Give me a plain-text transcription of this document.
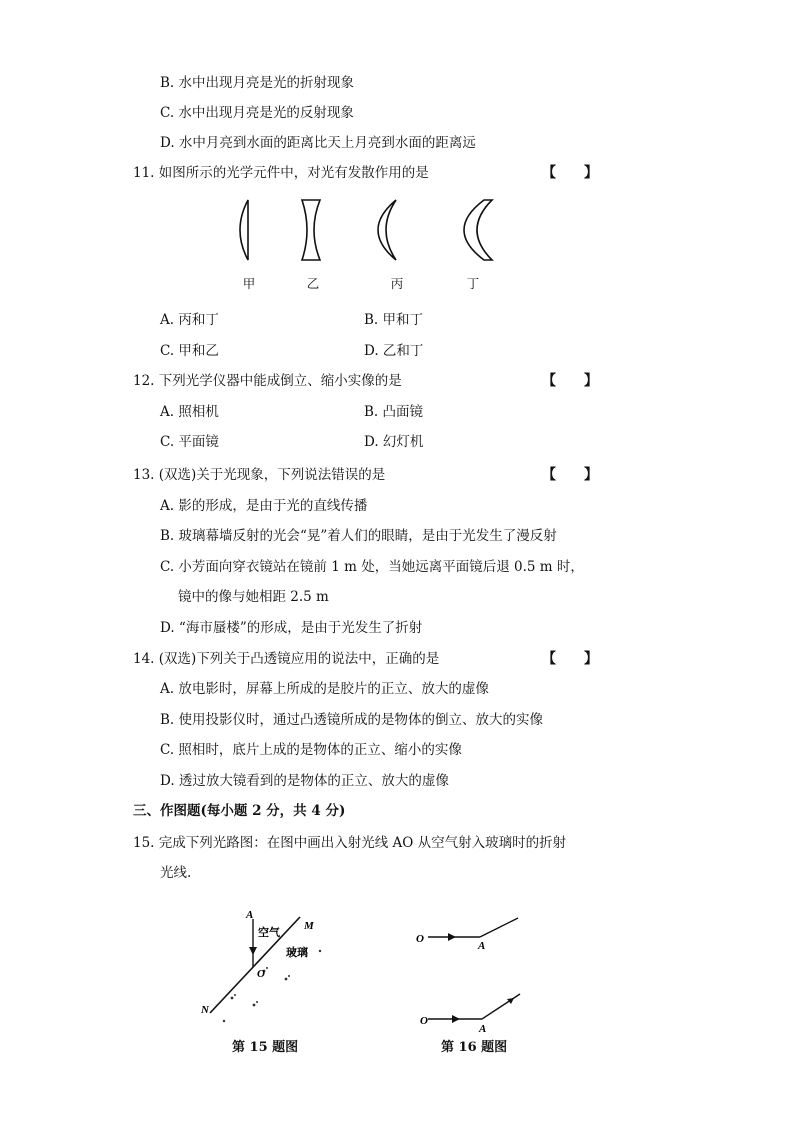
B. 水中出现月亮是光的折射现象
C. 水中出现月亮是光的反射现象
D. 水中月亮到水面的距离比天上月亮到水面的距离远
11. 如图所示的光学元件中，对光有发散作用的是	【　　】
甲	乙	丙	丁
A. 丙和丁	B. 甲和丁
C. 甲和乙	D. 乙和丁
12. 下列光学仪器中能成倒立、缩小实像的是	【　　】
A. 照相机	B. 凸面镜
C. 平面镜	D. 幻灯机
13. (双选)关于光现象，下列说法错误的是	【　　】
A. 影的形成，是由于光的直线传播
B. 玻璃幕墙反射的光会“晃”着人们的眼睛，是由于光发生了漫反射
C. 小芳面向穿衣镜站在镜前 1 m 处，当她远离平面镜后退 0.5 m 时，
镜中的像与她相距 2.5 m
D. “海市蜃楼”的形成，是由于光发生了折射
14. (双选)下列关于凸透镜应用的说法中，正确的是	【　　】
A. 放电影时，屏幕上所成的是胶片的正立、放大的虚像
B. 使用投影仪时，通过凸透镜所成的是物体的倒立、放大的实像
C. 照相时，底片上成的是物体的正立、缩小的实像
D. 透过放大镜看到的是物体的正立、放大的虚像
三、作图题(每小题 2 分，共 4 分)
15. 完成下列光路图：在图中画出入射光线 AO 从空气射入玻璃时的折射
光线.
A
M
O
N
空气
玻璃
第 15 题图
O
A
O
A
第 16 题图
